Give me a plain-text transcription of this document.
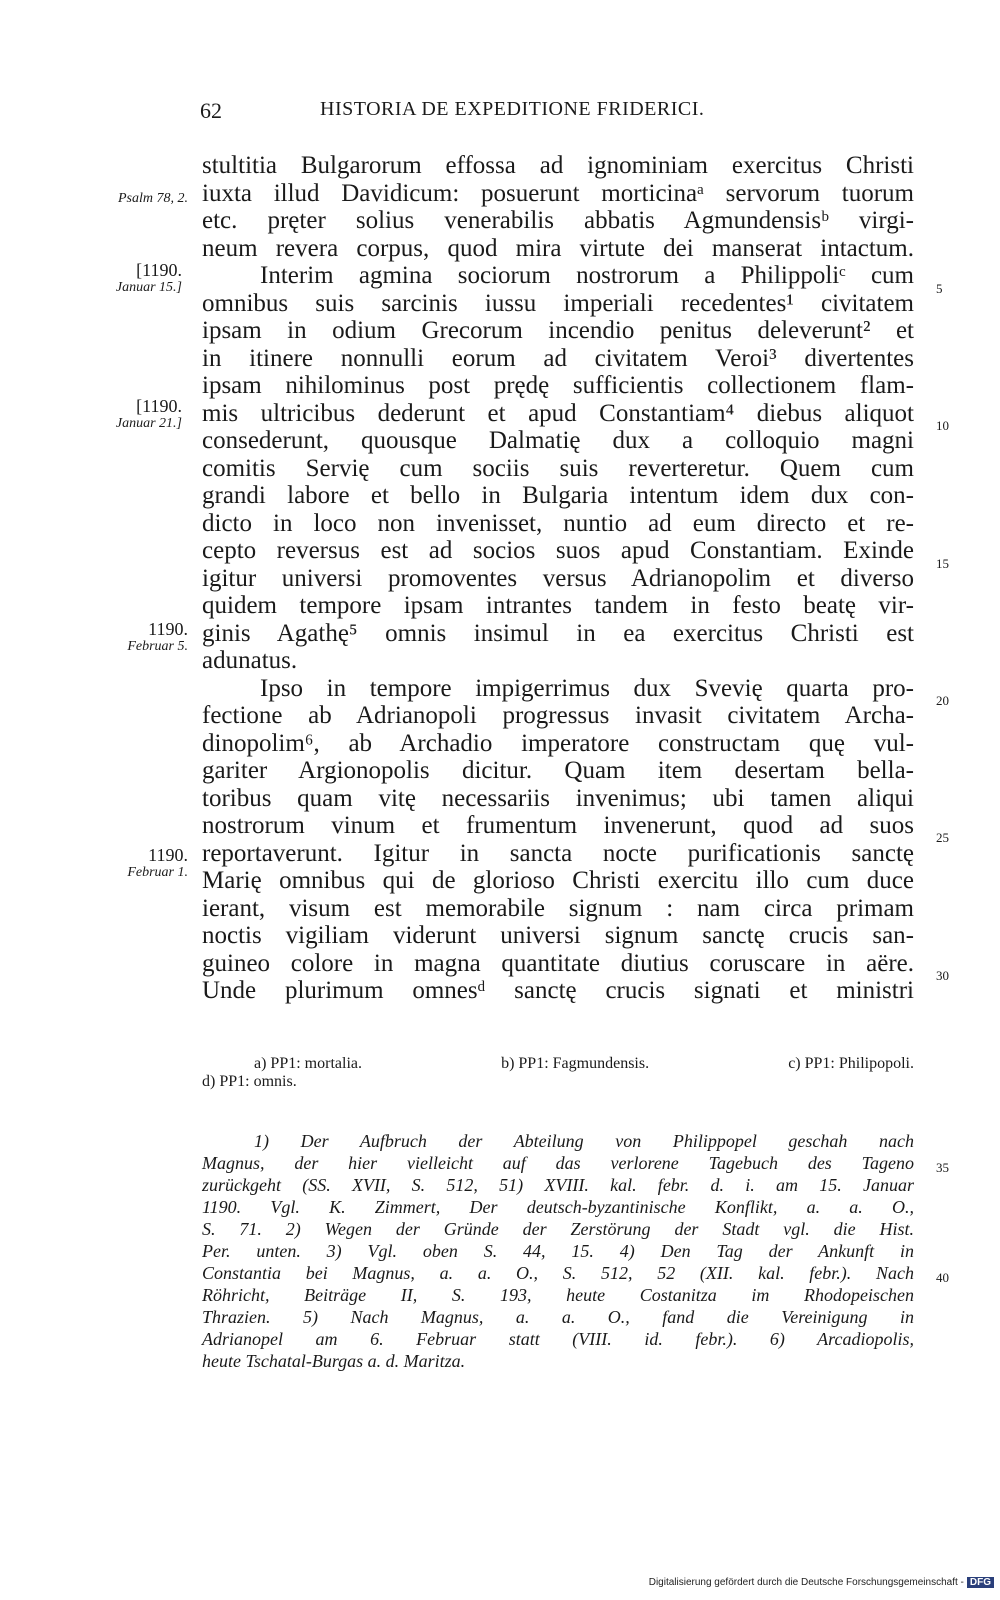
62	HISTORIA DE EXPEDITIONE FRIDERICI.
stultitia Bulgarorum effossa ad ignominiam exercitus Christi
iuxta illud Davidicum: posuerunt morticinaᵃ servorum tuorum
etc. pręter solius venerabilis abbatis Agmundensisᵇ virgi-
neum revera corpus, quod mira virtute dei manserat intactum.
Interim agmina sociorum nostrorum a Philippoliᶜ cum
omnibus suis sarcinis iussu imperiali recedentes¹ civitatem
ipsam in odium Grecorum incendio penitus deleverunt² et
in itinere nonnulli eorum ad civitatem Veroi³ divertentes
ipsam nihilominus post prędę sufficientis collectionem flam-
mis ultricibus dederunt et apud Constantiam⁴ diebus aliquot
consederunt, quousque Dalmatię dux a colloquio magni
comitis Servię cum sociis suis reverteretur. Quem cum
grandi labore et bello in Bulgaria intentum idem dux con-
dicto in loco non invenisset, nuntio ad eum directo et re-
cepto reversus est ad socios suos apud Constantiam. Exinde
igitur universi promoventes versus Adrianopolim et diverso
quidem tempore ipsam intrantes tandem in festo beatę vir-
ginis Agathę⁵ omnis insimul in ea exercitus Christi est
adunatus.
Ipso in tempore impigerrimus dux Svevię quarta pro-
fectione ab Adrianopoli progressus invasit civitatem Archa-
dinopolim⁶, ab Archadio imperatore constructam quę vul-
gariter Argionopolis dicitur. Quam item desertam bella-
toribus quam vitę necessariis invenimus; ubi tamen aliqui
nostrorum vinum et frumentum invenerunt, quod ad suos
reportaverunt. Igitur in sancta nocte purificationis sanctę
Marię omnibus qui de glorioso Christi exercitu illo cum duce
ierant, visum est memorabile signum : nam circa primam
noctis vigiliam viderunt universi signum sanctę crucis san-
guineo colore in magna quantitate diutius coruscare in aëre.
Unde plurimum omnesᵈ sanctę crucis signati et ministri
Psalm 78, 2.
[1190.
Januar 15.]
[1190.
Januar 21.]
1190.
Februar 5.
1190.
Februar 1.
5
10
15
20
25
30
35
40
a) PP1: mortalia.	b) PP1: Fagmundensis.	c) PP1: Philipopoli.
d) PP1: omnis.
1) Der Aufbruch der Abteilung von Philippopel geschah nach
Magnus, der hier vielleicht auf das verlorene Tagebuch des Tageno
zurückgeht (SS. XVII, S. 512, 51) XVIII. kal. febr. d. i. am 15. Januar
1190. Vgl. K. Zimmert, Der deutsch-byzantinische Konflikt, a. a. O.,
S. 71. 2) Wegen der Gründe der Zerstörung der Stadt vgl. die Hist.
Per. unten. 3) Vgl. oben S. 44, 15. 4) Den Tag der Ankunft in
Constantia bei Magnus, a. a. O., S. 512, 52 (XII. kal. febr.). Nach
Röhricht, Beiträge II, S. 193, heute Costanitza im Rhodopeischen
Thrazien. 5) Nach Magnus, a. a. O., fand die Vereinigung in
Adrianopel am 6. Februar statt (VIII. id. febr.). 6) Arcadiopolis,
heute Tschatal-Burgas a. d. Maritza.
Digitalisierung gefördert durch die Deutsche Forschungsgemeinschaft - DFG
